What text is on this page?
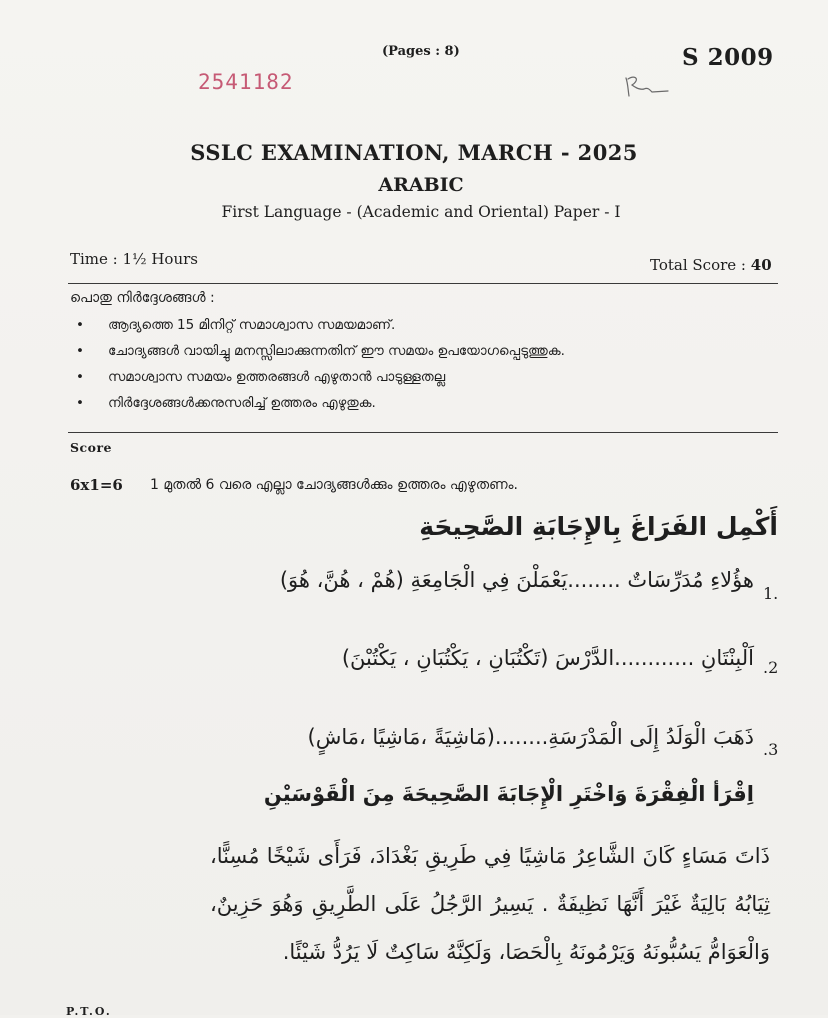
(Pages : 8)	S 2009
2541182
SSLC EXAMINATION, MARCH - 2025
ARABIC
First Language - (Academic and Oriental) Paper - I
Time : 1½ Hours	Total Score : 40
പൊതു നിർദ്ദേശങ്ങൾ :
• ആദ്യത്തെ 15 മിനിറ്റ് സമാശ്വാസ സമയമാണ്.
• ചോദ്യങ്ങൾ വായിച്ചു മനസ്സിലാക്കുന്നതിന് ഈ സമയം ഉപയോഗപ്പെടുത്തുക.
• സമാശ്വാസ സമയം ഉത്തരങ്ങൾ എഴുതാൻ പാടുള്ളതല്ല
• നിർദ്ദേശങ്ങൾക്കനുസരിച്ച് ഉത്തരം എഴുതുക.
Score
6x1=6 1 മുതൽ 6 വരെ എല്ലാ ചോദ്യങ്ങൾക്കും ഉത്തരം എഴുതണം.
أَكْمِل الفَرَاغَ بِالإِجَابَةِ الصَّحِيحَةِ
1.
هؤُلاءِ مُدَرِّسَاتٌ ........يَعْمَلْنَ فِي الْجَامِعَةِ (هُمْ ، هُنَّ، هُوَ)
.2
اَلْبِنْتَانِ ............الدَّرْسَ (تَكْتُبَانِ ، يَكْتُبَانِ ، يَكْتُبْنَ)
.3
ذَهَبَ الْوَلَدُ إِلَى الْمَدْرَسَةِ........(مَاشِيَةً ،مَاشِيًا ،مَاشٍ)
اِقْرَأ الْفِقْرَةَ وَاخْتَرِ الْإِجَابَةَ الصَّحِيحَةَ مِنَ الْقَوْسَيْنِ
ذَاتَ مَسَاءٍ كَانَ الشَّاعِرُ مَاشِيًا فِي طَرِيقِ بَغْدَادَ، فَرَأَى شَيْخًا مُسِنًّا، ثِيَابُهُ بَالِيَةٌ غَيْرَ أَنَّهَا نَظِيفَةٌ . يَسِيرُ الرَّجُلُ عَلَى الطَّرِيقِ وَهُوَ حَزِينٌ، وَالْعَوَامُّ يَسُبُّونَهُ وَيَرْمُونَهُ بِالْحَصَا، وَلَكِنَّهُ سَاكِتٌ لَا يَرُدُّ شَيْئًا.
P.T.O.
